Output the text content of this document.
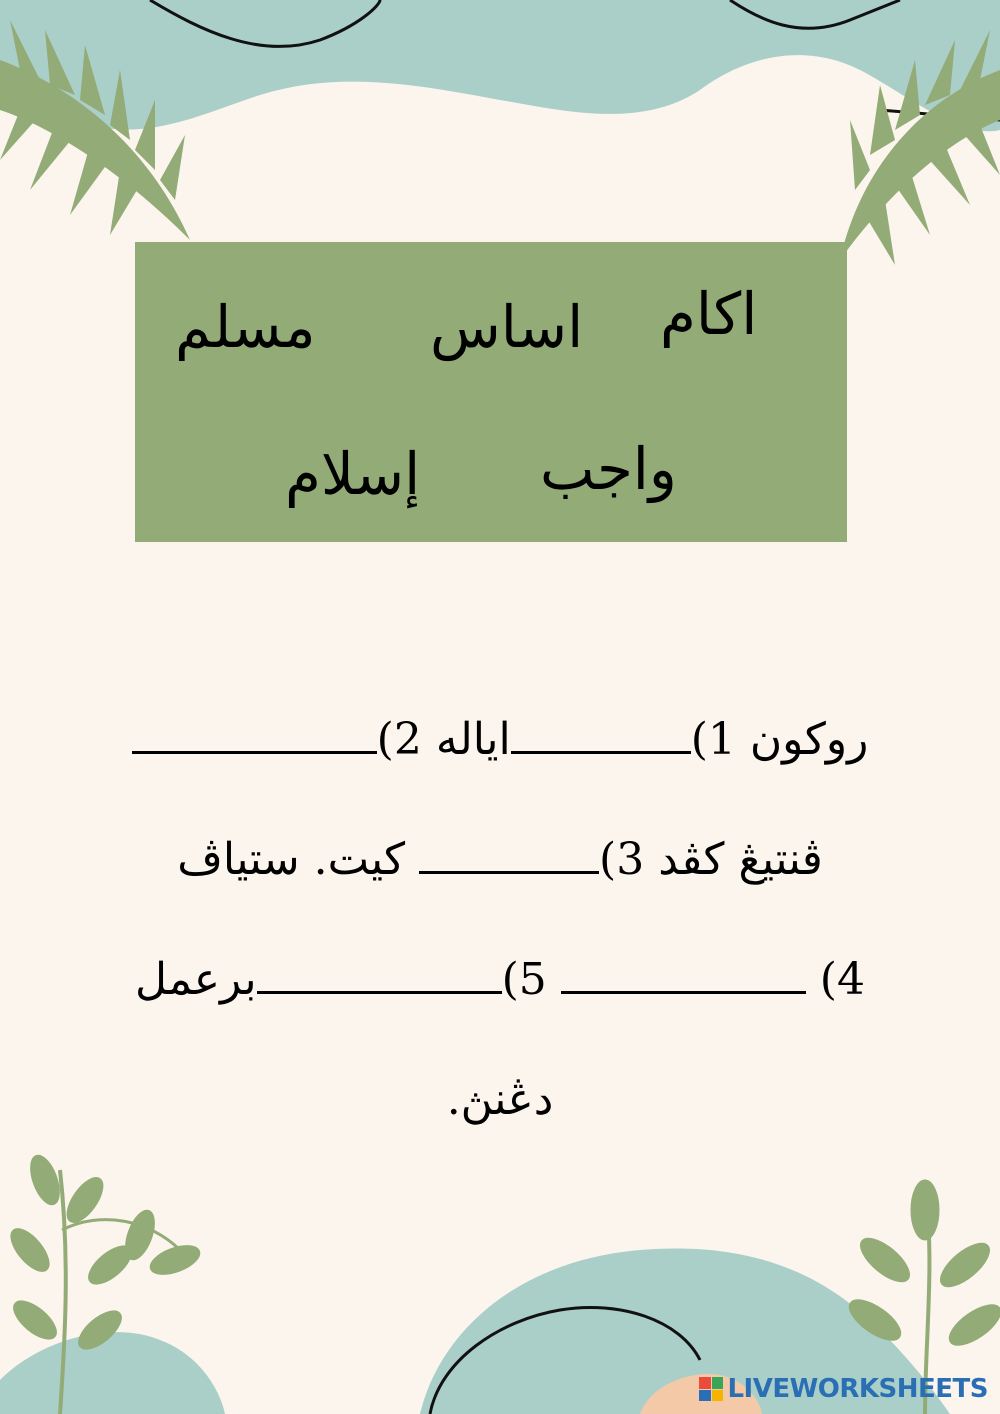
اكام
اساس
مسلم
واجب
إسلام
روكون 1)اياله 2)
ڤنتيڠ كڤد 3) كيت. ستياڤ
4)  5)برعمل
دڠنڽ.
LIVEWORKSHEETS
